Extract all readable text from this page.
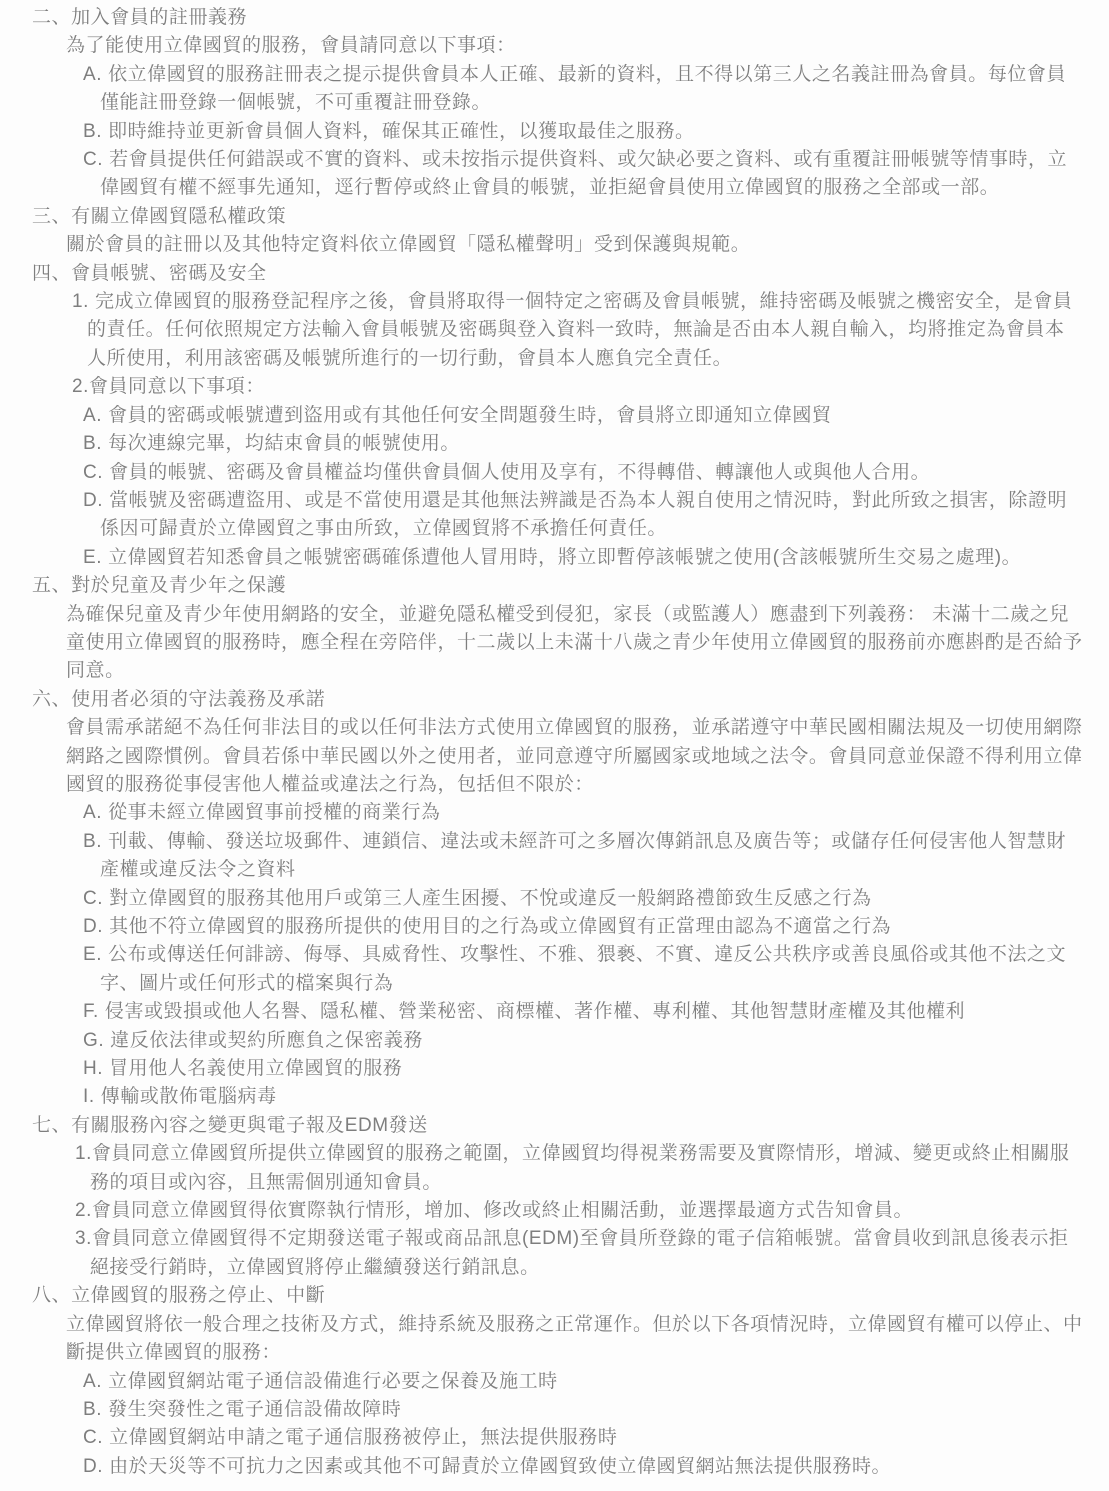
二、加入會員的註冊義務
為了能使用立偉國貿的服務，會員請同意以下事項：
A. 依立偉國貿的服務註冊表之提示提供會員本人正確、最新的資料，且不得以第三人之名義註冊為會員。每位會員僅能註冊登錄一個帳號，不可重覆註冊登錄。
B. 即時維持並更新會員個人資料，確保其正確性，以獲取最佳之服務。
C. 若會員提供任何錯誤或不實的資料、或未按指示提供資料、或欠缺必要之資料、或有重覆註冊帳號等情事時，立偉國貿有權不經事先通知，逕行暫停或終止會員的帳號，並拒絕會員使用立偉國貿的服務之全部或一部。
三、有關立偉國貿隱私權政策
關於會員的註冊以及其他特定資料依立偉國貿「隱私權聲明」受到保護與規範。
四、會員帳號、密碼及安全
1. 完成立偉國貿的服務登記程序之後，會員將取得一個特定之密碼及會員帳號，維持密碼及帳號之機密安全，是會員的責任。任何依照規定方法輸入會員帳號及密碼與登入資料一致時，無論是否由本人親自輸入，均將推定為會員本人所使用，利用該密碼及帳號所進行的一切行動，會員本人應負完全責任。
2.會員同意以下事項：
A. 會員的密碼或帳號遭到盜用或有其他任何安全問題發生時，會員將立即通知立偉國貿
B. 每次連線完畢，均結束會員的帳號使用。
C. 會員的帳號、密碼及會員權益均僅供會員個人使用及享有，不得轉借、轉讓他人或與他人合用。
D. 當帳號及密碼遭盜用、或是不當使用還是其他無法辨識是否為本人親自使用之情況時，對此所致之損害，除證明係因可歸責於立偉國貿之事由所致，立偉國貿將不承擔任何責任。
E. 立偉國貿若知悉會員之帳號密碼確係遭他人冒用時，將立即暫停該帳號之使用(含該帳號所生交易之處理)。
五、對於兒童及青少年之保護
為確保兒童及青少年使用網路的安全，並避免隱私權受到侵犯，家長（或監護人）應盡到下列義務： 未滿十二歲之兒童使用立偉國貿的服務時，應全程在旁陪伴，十二歲以上未滿十八歲之青少年使用立偉國貿的服務前亦應斟酌是否給予同意。
六、使用者必須的守法義務及承諾
會員需承諾絕不為任何非法目的或以任何非法方式使用立偉國貿的服務，並承諾遵守中華民國相關法規及一切使用網際網路之國際慣例。會員若係中華民國以外之使用者，並同意遵守所屬國家或地域之法令。會員同意並保證不得利用立偉國貿的服務從事侵害他人權益或違法之行為，包括但不限於：
A. 從事未經立偉國貿事前授權的商業行為
B. 刊載、傳輸、發送垃圾郵件、連鎖信、違法或未經許可之多層次傳銷訊息及廣告等；或儲存任何侵害他人智慧財產權或違反法令之資料
C. 對立偉國貿的服務其他用戶或第三人產生困擾、不悅或違反一般網路禮節致生反感之行為
D. 其他不符立偉國貿的服務所提供的使用目的之行為或立偉國貿有正當理由認為不適當之行為
E. 公布或傳送任何誹謗、侮辱、具威脅性、攻擊性、不雅、猥褻、不實、違反公共秩序或善良風俗或其他不法之文字、圖片或任何形式的檔案與行為
F. 侵害或毀損或他人名譽、隱私權、營業秘密、商標權、著作權、專利權、其他智慧財產權及其他權利
G. 違反依法律或契約所應負之保密義務
H. 冒用他人名義使用立偉國貿的服務
I. 傳輸或散佈電腦病毒
七、有關服務內容之變更與電子報及EDM發送
1.會員同意立偉國貿所提供立偉國貿的服務之範圍，立偉國貿均得視業務需要及實際情形，增減、變更或終止相關服務的項目或內容，且無需個別通知會員。
2.會員同意立偉國貿得依實際執行情形，增加、修改或終止相關活動，並選擇最適方式告知會員。
3.會員同意立偉國貿得不定期發送電子報或商品訊息(EDM)至會員所登錄的電子信箱帳號。當會員收到訊息後表示拒絕接受行銷時，立偉國貿將停止繼續發送行銷訊息。
八、立偉國貿的服務之停止、中斷
立偉國貿將依一般合理之技術及方式，維持系統及服務之正常運作。但於以下各項情況時，立偉國貿有權可以停止、中斷提供立偉國貿的服務：
A. 立偉國貿網站電子通信設備進行必要之保養及施工時
B. 發生突發性之電子通信設備故障時
C. 立偉國貿網站申請之電子通信服務被停止，無法提供服務時
D. 由於天災等不可抗力之因素或其他不可歸責於立偉國貿致使立偉國貿網站無法提供服務時。
